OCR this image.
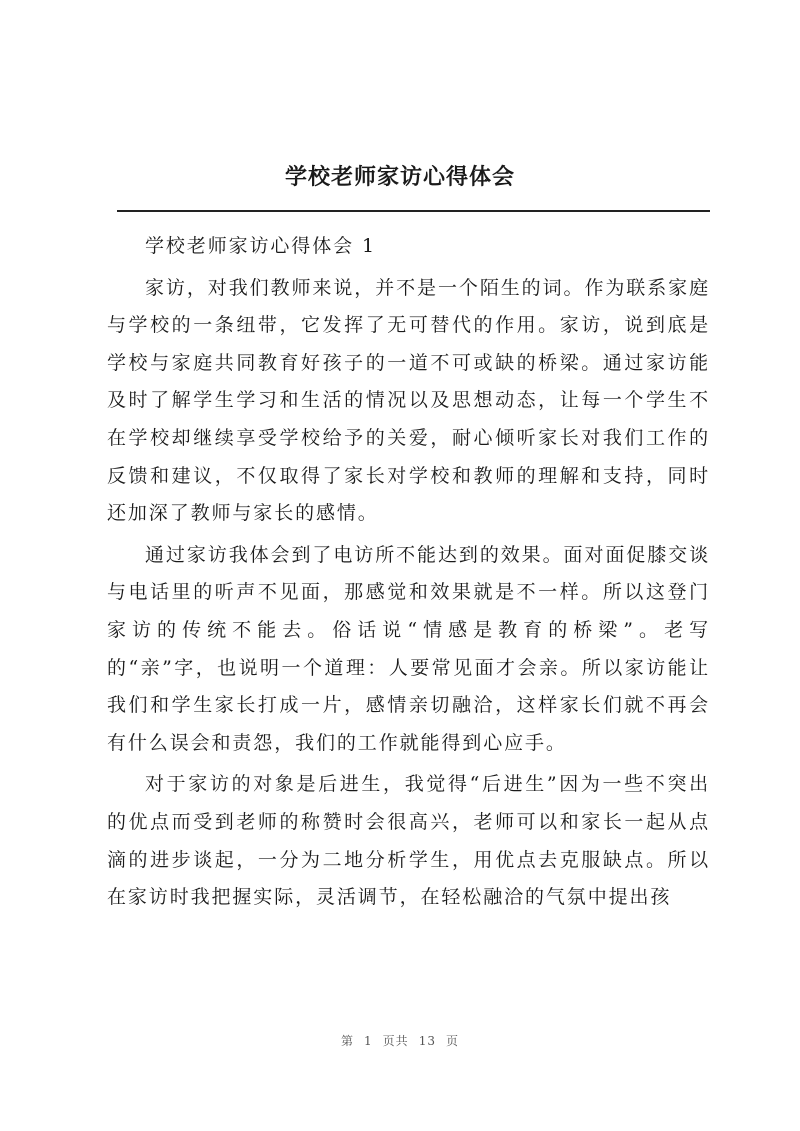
学校老师家访心得体会

学校老师家访心得体会 1

家访，对我们教师来说，并不是一个陌生的词。作为联系家庭与学校的一条纽带，它发挥了无可替代的作用。家访，说到底是学校与家庭共同教育好孩子的一道不可或缺的桥梁。通过家访能及时了解学生学习和生活的情况以及思想动态，让每一个学生不在学校却继续享受学校给予的关爱，耐心倾听家长对我们工作的反馈和建议，不仅取得了家长对学校和教师的理解和支持，同时还加深了教师与家长的感情。

通过家访我体会到了电访所不能达到的效果。面对面促膝交谈与电话里的听声不见面，那感觉和效果就是不一样。所以这登门家访的传统不能去。俗话说“情感是教育的桥梁”。老写的“亲”字，也说明一个道理：人要常见面才会亲。所以家访能让我们和学生家长打成一片，感情亲切融洽，这样家长们就不再会有什么误会和责怨，我们的工作就能得到心应手。

对于家访的对象是后进生，我觉得“后进生”因为一些不突出的优点而受到老师的称赞时会很高兴，老师可以和家长一起从点滴的进步谈起，一分为二地分析学生，用优点去克服缺点。所以在家访时我把握实际，灵活调节，在轻松融洽的气氛中提出孩

第 1 页共 13 页
